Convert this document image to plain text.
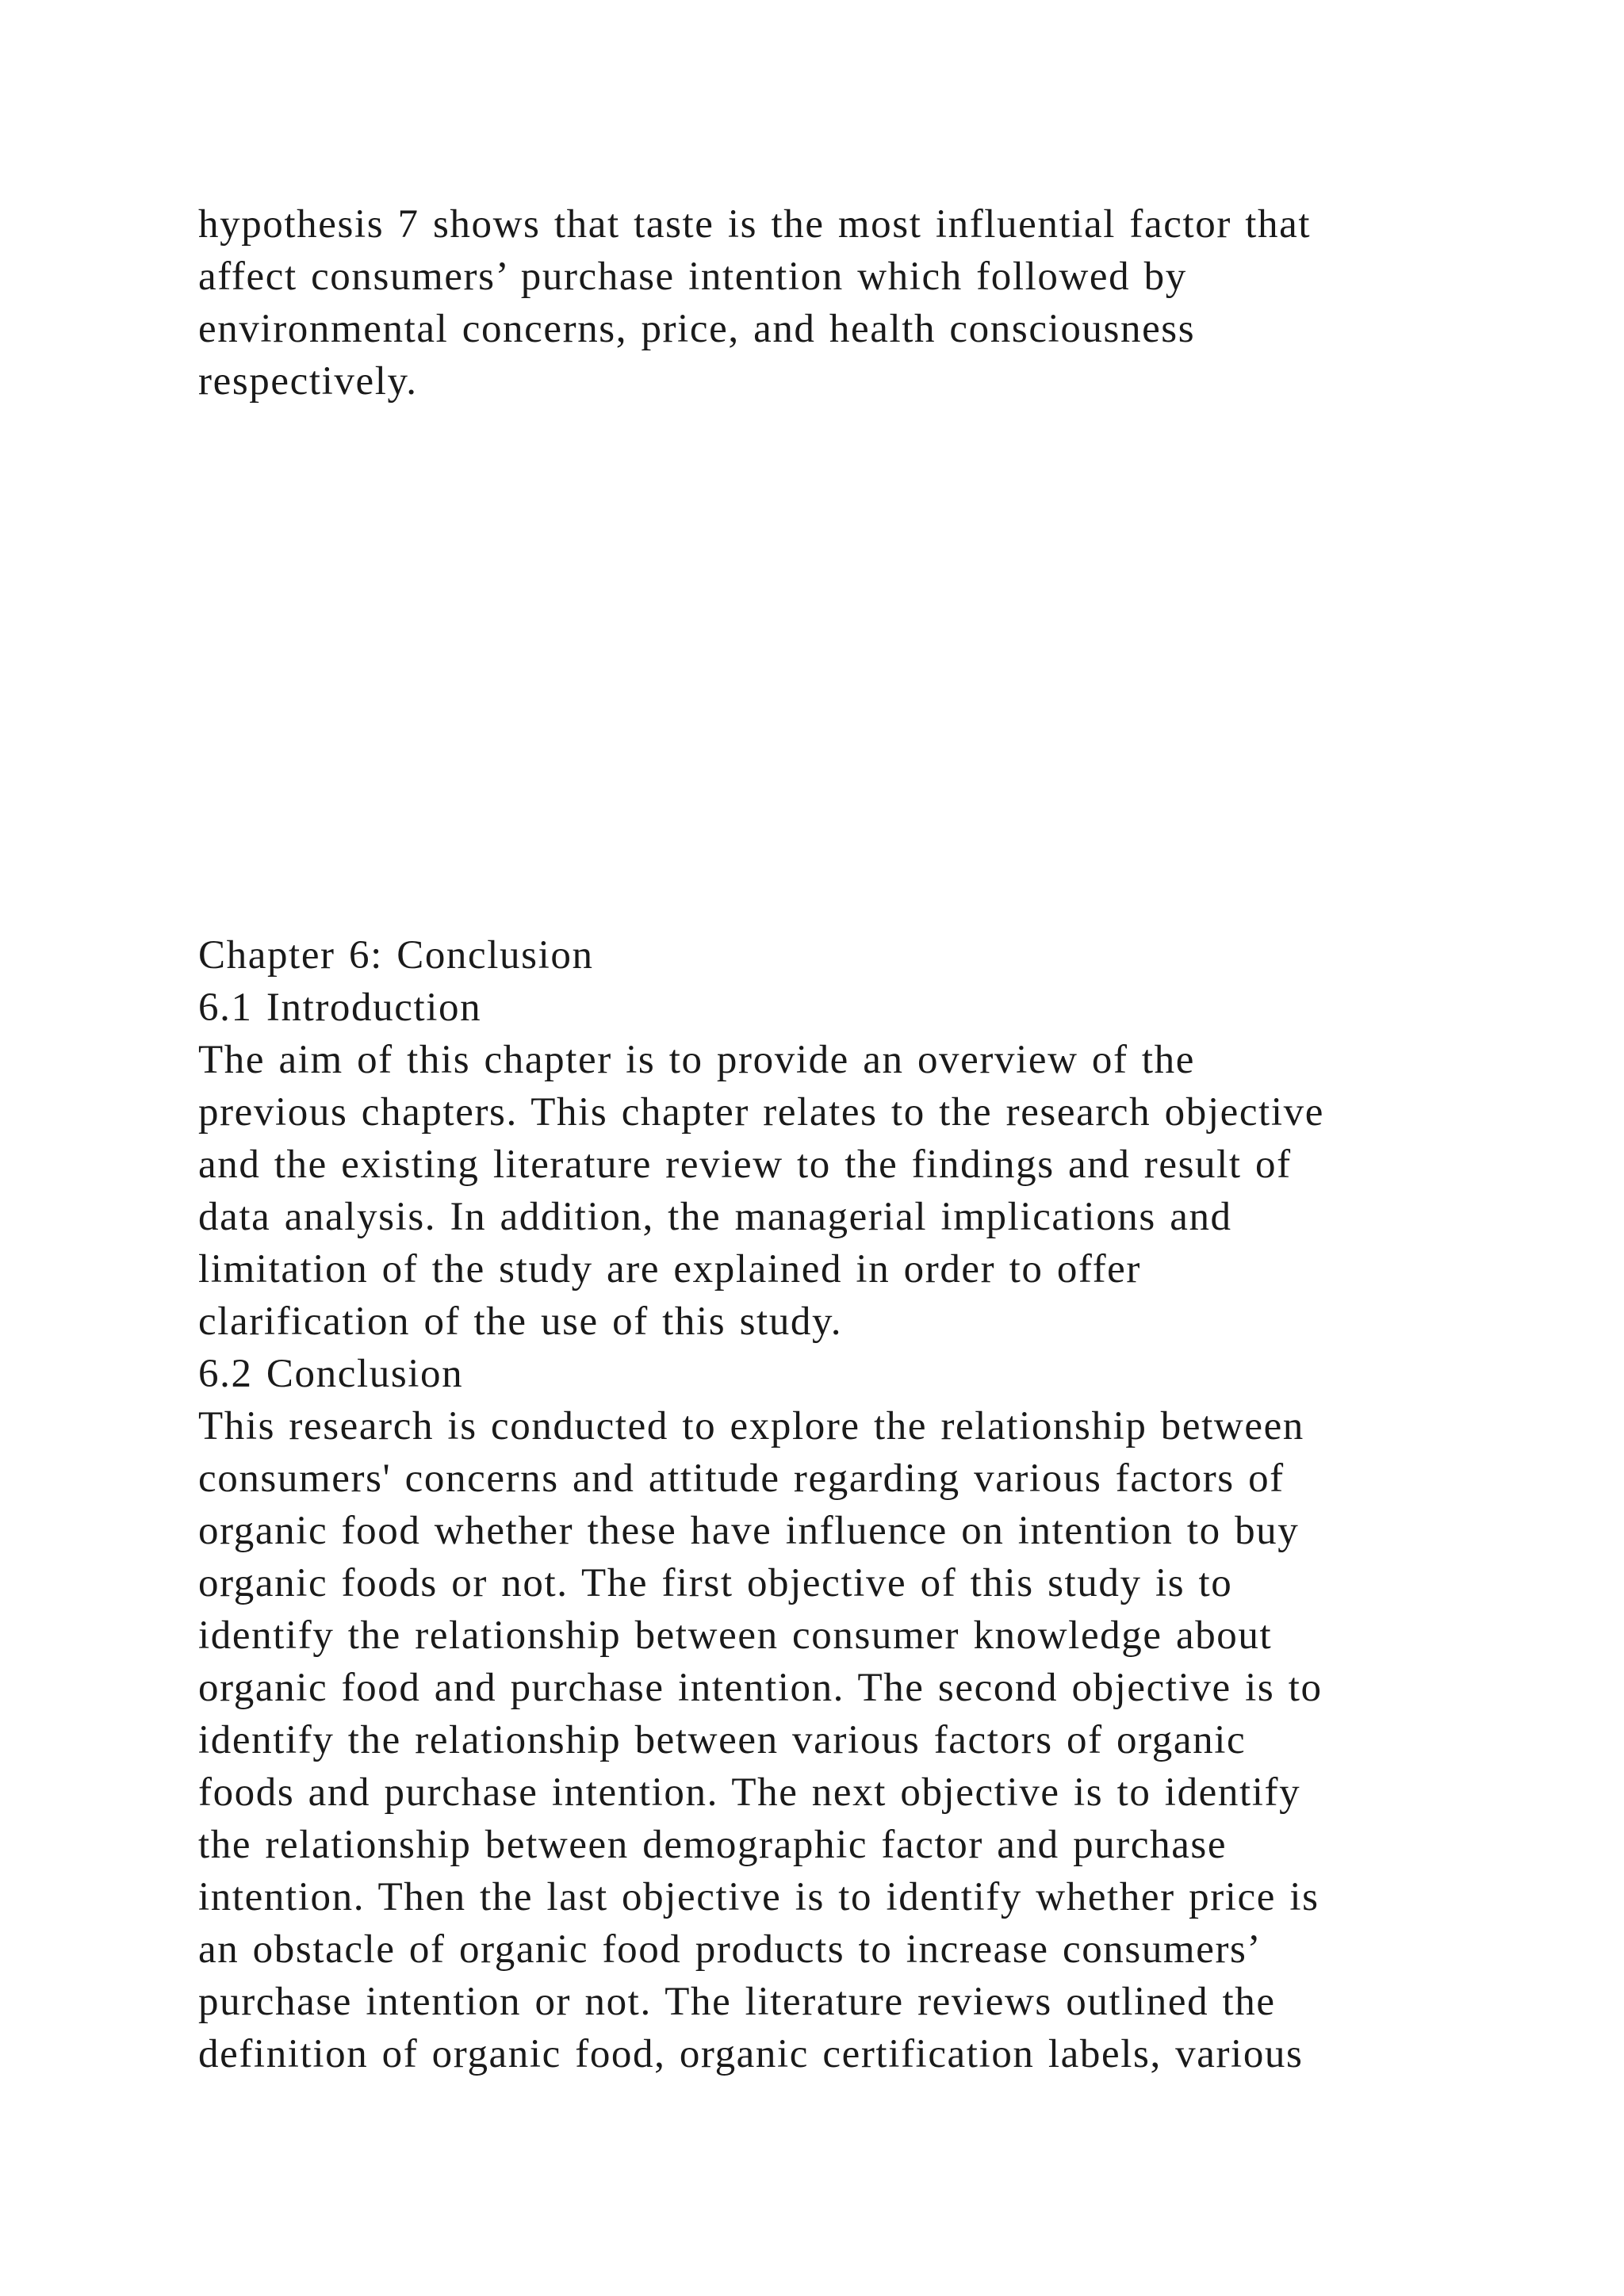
hypothesis 7 shows that taste is the most influential factor that
affect consumers’ purchase intention which followed by
environmental concerns, price, and health consciousness
respectively.
Chapter 6: Conclusion
6.1 Introduction
The aim of this chapter is to provide an overview of the
previous chapters. This chapter relates to the research objective
and the existing literature review to the findings and result of
data analysis. In addition, the managerial implications and
limitation of the study are explained in order to offer
clarification of the use of this study.
6.2 Conclusion
This research is conducted to explore the relationship between
consumers' concerns and attitude regarding various factors of
organic food whether these have influence on intention to buy
organic foods or not. The first objective of this study is to
identify the relationship between consumer knowledge about
organic food and purchase intention. The second objective is to
identify the relationship between various factors of organic
foods and purchase intention. The next objective is to identify
the relationship between demographic factor and purchase
intention. Then the last objective is to identify whether price is
an obstacle of organic food products to increase consumers’
purchase intention or not. The literature reviews outlined the
definition of organic food, organic certification labels, various
